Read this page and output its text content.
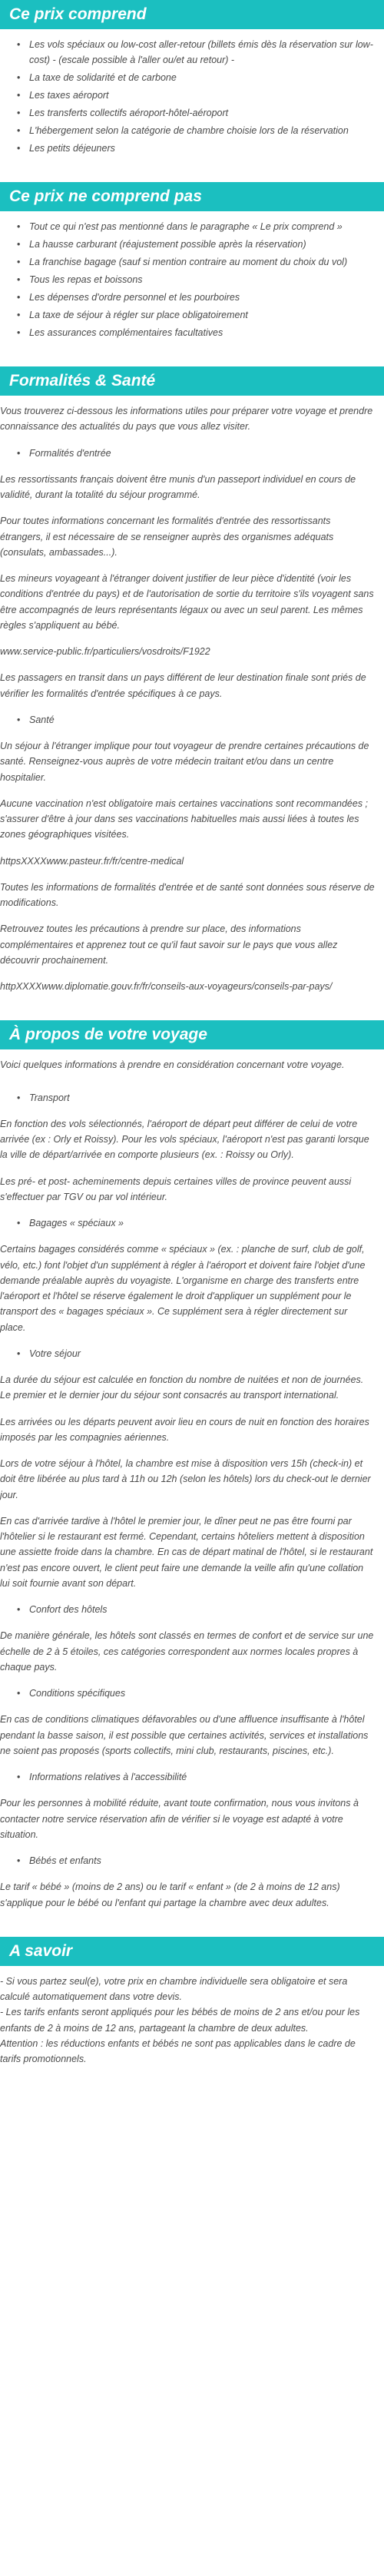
Ce prix comprend
• Les vols spéciaux ou low-cost aller-retour (billets émis dès la réservation sur low-cost) - (escale possible à l'aller ou/et au retour) -
• La taxe de solidarité et de carbone
• Les taxes aéroport
• Les transferts collectifs aéroport-hôtel-aéroport
• L'hébergement selon la catégorie de chambre choisie lors de la réservation
• Les petits déjeuners
Ce prix ne comprend pas
• Tout ce qui n'est pas mentionné dans le paragraphe « Le prix comprend »
• La hausse carburant (réajustement possible après la réservation)
• La franchise bagage (sauf si mention contraire au moment du choix du vol)
• Tous les repas et boissons
• Les dépenses d'ordre personnel et les pourboires
• La taxe de séjour à régler sur place obligatoirement
• Les assurances complémentaires facultatives
Formalités & Santé

Vous trouverez ci-dessous les informations utiles pour préparer votre voyage et prendre connaissance des actualités du pays que vous allez visiter.

• Formalités d'entrée

Les ressortissants français doivent être munis d'un passeport individuel en cours de validité, durant la totalité du séjour programmé.

Pour toutes informations concernant les formalités d'entrée des ressortissants étrangers, il est nécessaire de se renseigner auprès des organismes adéquats (consulats, ambassades...).

Les mineurs voyageant à l'étranger doivent justifier de leur pièce d'identité (voir les conditions d'entrée du pays) et de l'autorisation de sortie du territoire s'ils voyagent sans être accompagnés de leurs représentants légaux ou avec un seul parent. Les mêmes règles s'appliquent au bébé.

www.service-public.fr/particuliers/vosdroits/F1922

Les passagers en transit dans un pays différent de leur destination finale sont priés de vérifier les formalités d'entrée spécifiques à ce pays.

• Santé

Un séjour à l'étranger implique pour tout voyageur de prendre certaines précautions de santé. Renseignez-vous auprès de votre médecin traitant et/ou dans un centre hospitalier.

Aucune vaccination n'est obligatoire mais certaines vaccinations sont recommandées ; s'assurer d'être à jour dans ses vaccinations habituelles mais aussi liées à toutes les zones géographiques visitées.

httpsXXXXwww.pasteur.fr/fr/centre-medical

Toutes les informations de formalités d'entrée et de santé sont données sous réserve de modifications.

Retrouvez toutes les précautions à prendre sur place, des informations complémentaires et apprenez tout ce qu'il faut savoir sur le pays que vous allez découvrir prochainement.

httpXXXXwww.diplomatie.gouv.fr/fr/conseils-aux-voyageurs/conseils-par-pays/

À propos de votre voyage

Voici quelques informations à prendre en considération concernant votre voyage.

• Transport

En fonction des vols sélectionnés, l'aéroport de départ peut différer de celui de votre arrivée (ex : Orly et Roissy). Pour les vols spéciaux, l'aéroport n'est pas garanti lorsque la ville de départ/arrivée en comporte plusieurs (ex. : Roissy ou Orly).

Les pré- et post- acheminements depuis certaines villes de province peuvent aussi s'effectuer par TGV ou par vol intérieur.

• Bagages « spéciaux »

Certains bagages considérés comme « spéciaux » (ex. : planche de surf, club de golf, vélo, etc.) font l'objet d'un supplément à régler à l'aéroport et doivent faire l'objet d'une demande préalable auprès du voyagiste. L'organisme en charge des transferts entre l'aéroport et l'hôtel se réserve également le droit d'appliquer un supplément pour le transport des « bagages spéciaux ». Ce supplément sera à régler directement sur place.

• Votre séjour

La durée du séjour est calculée en fonction du nombre de nuitées et non de journées. Le premier et le dernier jour du séjour sont consacrés au transport international.

Les arrivées ou les départs peuvent avoir lieu en cours de nuit en fonction des horaires imposés par les compagnies aériennes.

Lors de votre séjour à l'hôtel, la chambre est mise à disposition vers 15h (check-in) et doit être libérée au plus tard à 11h ou 12h (selon les hôtels) lors du check-out le dernier jour.

En cas d'arrivée tardive à l'hôtel le premier jour, le dîner peut ne pas être fourni par l'hôtelier si le restaurant est fermé. Cependant, certains hôteliers mettent à disposition une assiette froide dans la chambre. En cas de départ matinal de l'hôtel, si le restaurant n'est pas encore ouvert, le client peut faire une demande la veille afin qu'une collation lui soit fournie avant son départ.

• Confort des hôtels

De manière générale, les hôtels sont classés en termes de confort et de service sur une échelle de 2 à 5 étoiles, ces catégories correspondent aux normes locales propres à chaque pays.

• Conditions spécifiques

En cas de conditions climatiques défavorables ou d'une affluence insuffisante à l'hôtel pendant la basse saison, il est possible que certaines activités, services et installations ne soient pas proposés (sports collectifs, mini club, restaurants, piscines, etc.).

• Informations relatives à l'accessibilité

Pour les personnes à mobilité réduite, avant toute confirmation, nous vous invitons à contacter notre service réservation afin de vérifier si le voyage est adapté à votre situation.

• Bébés et enfants

Le tarif « bébé » (moins de 2 ans) ou le tarif « enfant » (de 2 à moins de 12 ans) s'applique pour le bébé ou l'enfant qui partage la chambre avec deux adultes.

A savoir

- Si vous partez seul(e), votre prix en chambre individuelle sera obligatoire et sera calculé automatiquement dans votre devis.
- Les tarifs enfants seront appliqués pour les bébés de moins de 2 ans et/ou pour les enfants de 2 à moins de 12 ans, partageant la chambre de deux adultes.
Attention : les réductions enfants et bébés ne sont pas applicables dans le cadre de tarifs promotionnels.
